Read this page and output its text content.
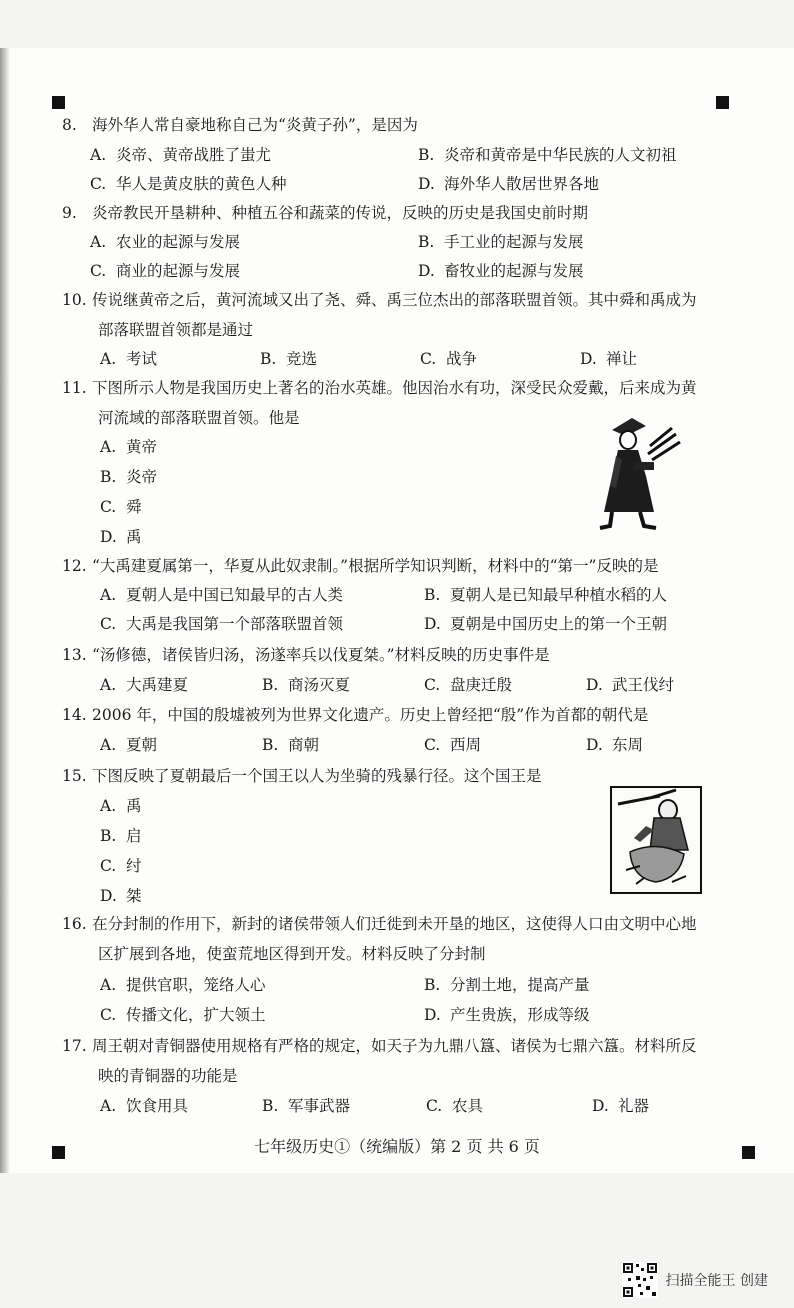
8. 海外华人常自豪地称自己为“炎黄子孙”，是因为
A. 炎帝、黄帝战胜了蚩尤	B. 炎帝和黄帝是中华民族的人文初祖
C. 华人是黄皮肤的黄色人种	D. 海外华人散居世界各地
9. 炎帝教民开垦耕种、种植五谷和蔬菜的传说，反映的历史是我国史前时期
A. 农业的起源与发展	B. 手工业的起源与发展
C. 商业的起源与发展	D. 畜牧业的起源与发展
10. 传说继黄帝之后，黄河流域又出了尧、舜、禹三位杰出的部落联盟首领。其中舜和禹成为
部落联盟首领都是通过
A. 考试	B. 竞选	C. 战争	D. 禅让
11. 下图所示人物是我国历史上著名的治水英雄。他因治水有功，深受民众爱戴，后来成为黄
河流域的部落联盟首领。他是
A. 黄帝
B. 炎帝
C. 舜
D. 禹
12. “大禹建夏属第一，华夏从此奴隶制。”根据所学知识判断，材料中的“第一”反映的是
A. 夏朝人是中国已知最早的古人类	B. 夏朝人是已知最早种植水稻的人
C. 大禹是我国第一个部落联盟首领	D. 夏朝是中国历史上的第一个王朝
13. “汤修德，诸侯皆归汤，汤遂率兵以伐夏桀。”材料反映的历史事件是
A. 大禹建夏	B. 商汤灭夏	C. 盘庚迁殷	D. 武王伐纣
14. 2006 年，中国的殷墟被列为世界文化遗产。历史上曾经把“殷”作为首都的朝代是
A. 夏朝	B. 商朝	C. 西周	D. 东周
15. 下图反映了夏朝最后一个国王以人为坐骑的残暴行径。这个国王是
A. 禹
B. 启
C. 纣
D. 桀
16. 在分封制的作用下，新封的诸侯带领人们迁徙到未开垦的地区，这使得人口由文明中心地
区扩展到各地，使蛮荒地区得到开发。材料反映了分封制
A. 提供官职，笼络人心	B. 分割土地，提高产量
C. 传播文化，扩大领土	D. 产生贵族，形成等级
17. 周王朝对青铜器使用规格有严格的规定，如天子为九鼎八簋、诸侯为七鼎六簋。材料所反
映的青铜器的功能是
A. 饮食用具	B. 军事武器	C. 农具	D. 礼器
七年级历史①（统编版）第 2 页 共 6 页
扫描全能王 创建
